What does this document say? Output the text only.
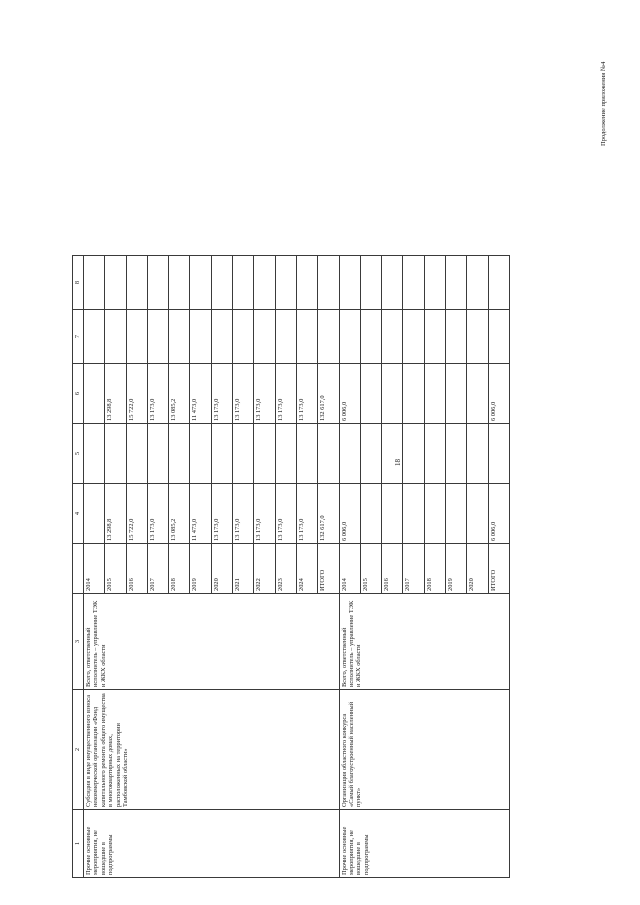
Продолжение приложения №4
18
1	2	3		4	5	6	7	8	
Прочие основные мероприятия, не вошедшие в подпрограммы	Субсидия в виде имущественного взноса некоммерческой организации «Фонд капитального ремонта общего имущества в многоквартирных домах, расположенных на территории Тамбовской области»	Всего, ответственный исполнитель – управление ТЭК и ЖКХ области	2014						
			2015	13 298,8		13 298,8			
			2016	15 722,0		15 722,0			
			2017	13 173,0		13 173,0			
			2018	13 085,2		13 085,2			
			2019	11 473,0		11 473,0			
			2020	13 173,0		13 173,0			
			2021	13 173,0		13 173,0			
			2022	13 173,0		13 173,0			
			2023	13 173,0		13 173,0			
			2024	13 173,0		13 173,0			
			ИТОГО	132 617,0		132 617,0			
Прочие основные мероприятия, не вошедшие в подпрограммы	Организация областного конкурса «Самый благоустроенный населенный пункт»	Всего, ответственный исполнитель – управление ТЭК и ЖКХ области	2014	6 006,0		6 006,0			
			2015						
			2016						
			2017						
			2018						
			2019						
			2020						
			ИТОГО	6 006,0		6 006,0			
